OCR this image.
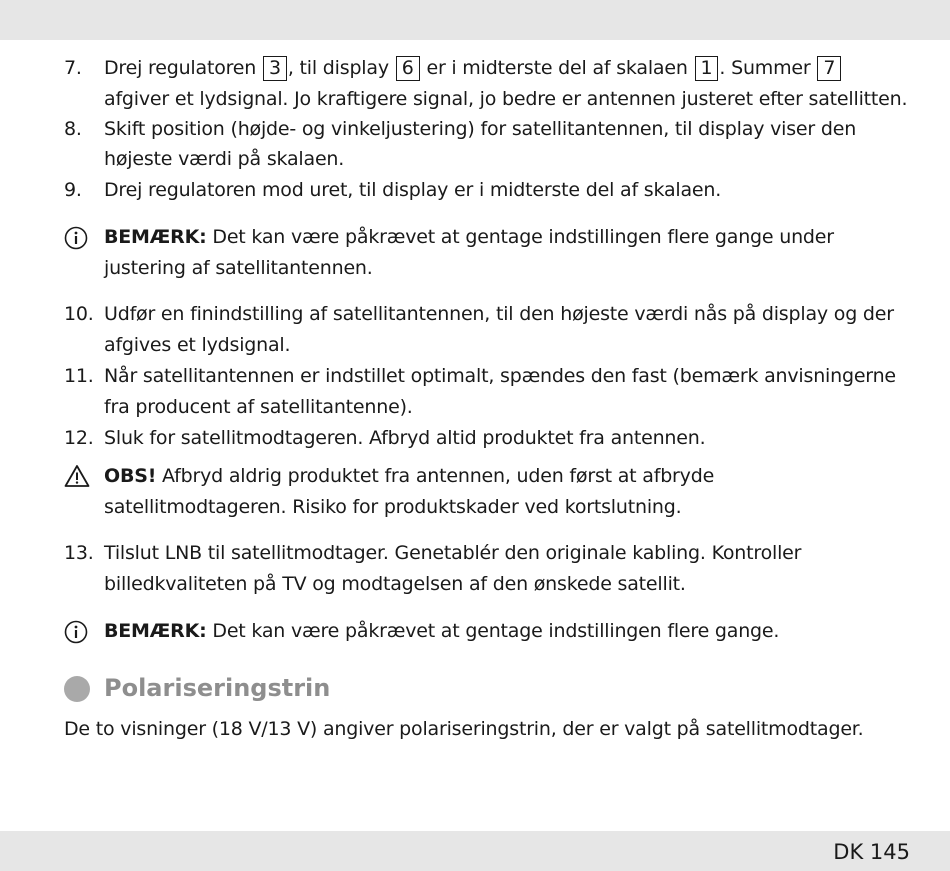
7. Drej regulatoren 3 , til display 6 er i midterste del af skalaen 1 . Summer 7
afgiver et lydsignal. Jo kraftigere signal, jo bedre er antennen justeret efter satellitten.
8. Skift position (højde- og vinkeljustering) for satellitantennen, til display viser den
højeste værdi på skalaen.
9. Drej regulatoren mod uret, til display er i midterste del af skalaen.
BEMÆRK: Det kan være påkrævet at gentage indstillingen flere gange under
justering af satellitantennen.
10. Udfør en finindstilling af satellitantennen, til den højeste værdi nås på display og der
afgives et lydsignal.
11. Når satellitantennen er indstillet optimalt, spændes den fast (bemærk anvisningerne
fra producent af satellitantenne).
12. Sluk for satellitmodtageren. Afbryd altid produktet fra antennen.
OBS! Afbryd aldrig produktet fra antennen, uden først at afbryde
satellitmodtageren. Risiko for produktskader ved kortslutning.
13. Tilslut LNB til satellitmodtager. Genetablér den originale kabling. Kontroller
billedkvaliteten på TV og modtagelsen af den ønskede satellit.
BEMÆRK: Det kan være påkrævet at gentage indstillingen flere gange.
Polariseringstrin
De to visninger (18 V/13 V) angiver polariseringstrin, der er valgt på satellitmodtager.
DK 145
